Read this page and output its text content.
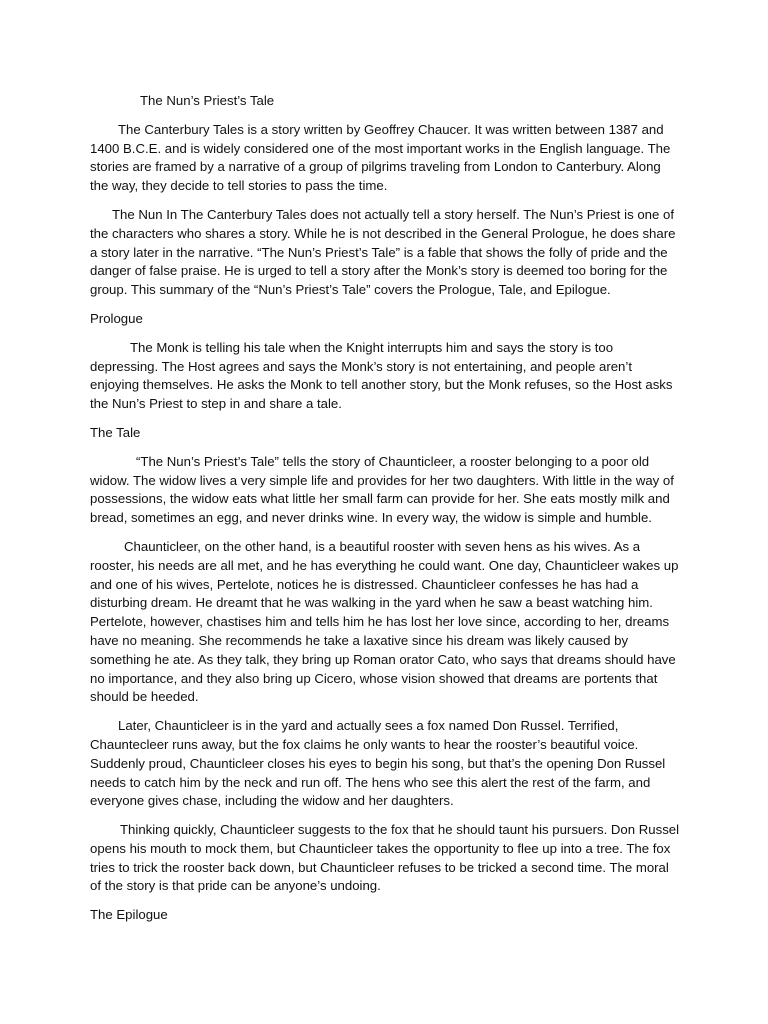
The Nun’s Priest’s Tale

The Canterbury Tales is a story written by Geoffrey Chaucer. It was written between 1387 and 1400 B.C.E. and is widely considered one of the most important works in the English language. The stories are framed by a narrative of a group of pilgrims traveling from London to Canterbury. Along the way, they decide to tell stories to pass the time.

The Nun In The Canterbury Tales does not actually tell a story herself. The Nun’s Priest is one of the characters who shares a story. While he is not described in the General Prologue, he does share a story later in the narrative. “The Nun’s Priest’s Tale” is a fable that shows the folly of pride and the danger of false praise. He is urged to tell a story after the Monk’s story is deemed too boring for the group. This summary of the “Nun’s Priest’s Tale” covers the Prologue, Tale, and Epilogue.

Prologue

The Monk is telling his tale when the Knight interrupts him and says the story is too depressing. The Host agrees and says the Monk’s story is not entertaining, and people aren’t enjoying themselves. He asks the Monk to tell another story, but the Monk refuses, so the Host asks the Nun’s Priest to step in and share a tale.

The Tale

“The Nun’s Priest’s Tale” tells the story of Chaunticleer, a rooster belonging to a poor old widow. The widow lives a very simple life and provides for her two daughters. With little in the way of possessions, the widow eats what little her small farm can provide for her. She eats mostly milk and bread, sometimes an egg, and never drinks wine. In every way, the widow is simple and humble.

Chaunticleer, on the other hand, is a beautiful rooster with seven hens as his wives. As a rooster, his needs are all met, and he has everything he could want. One day, Chaunticleer wakes up and one of his wives, Pertelote, notices he is distressed. Chaunticleer confesses he has had a disturbing dream. He dreamt that he was walking in the yard when he saw a beast watching him. Pertelote, however, chastises him and tells him he has lost her love since, according to her, dreams have no meaning. She recommends he take a laxative since his dream was likely caused by something he ate. As they talk, they bring up Roman orator Cato, who says that dreams should have no importance, and they also bring up Cicero, whose vision showed that dreams are portents that should be heeded.

Later, Chaunticleer is in the yard and actually sees a fox named Don Russel. Terrified, Chauntecleer runs away, but the fox claims he only wants to hear the rooster’s beautiful voice. Suddenly proud, Chaunticleer closes his eyes to begin his song, but that’s the opening Don Russel needs to catch him by the neck and run off. The hens who see this alert the rest of the farm, and everyone gives chase, including the widow and her daughters.

Thinking quickly, Chaunticleer suggests to the fox that he should taunt his pursuers. Don Russel opens his mouth to mock them, but Chaunticleer takes the opportunity to flee up into a tree. The fox tries to trick the rooster back down, but Chaunticleer refuses to be tricked a second time. The moral of the story is that pride can be anyone’s undoing.

The Epilogue
